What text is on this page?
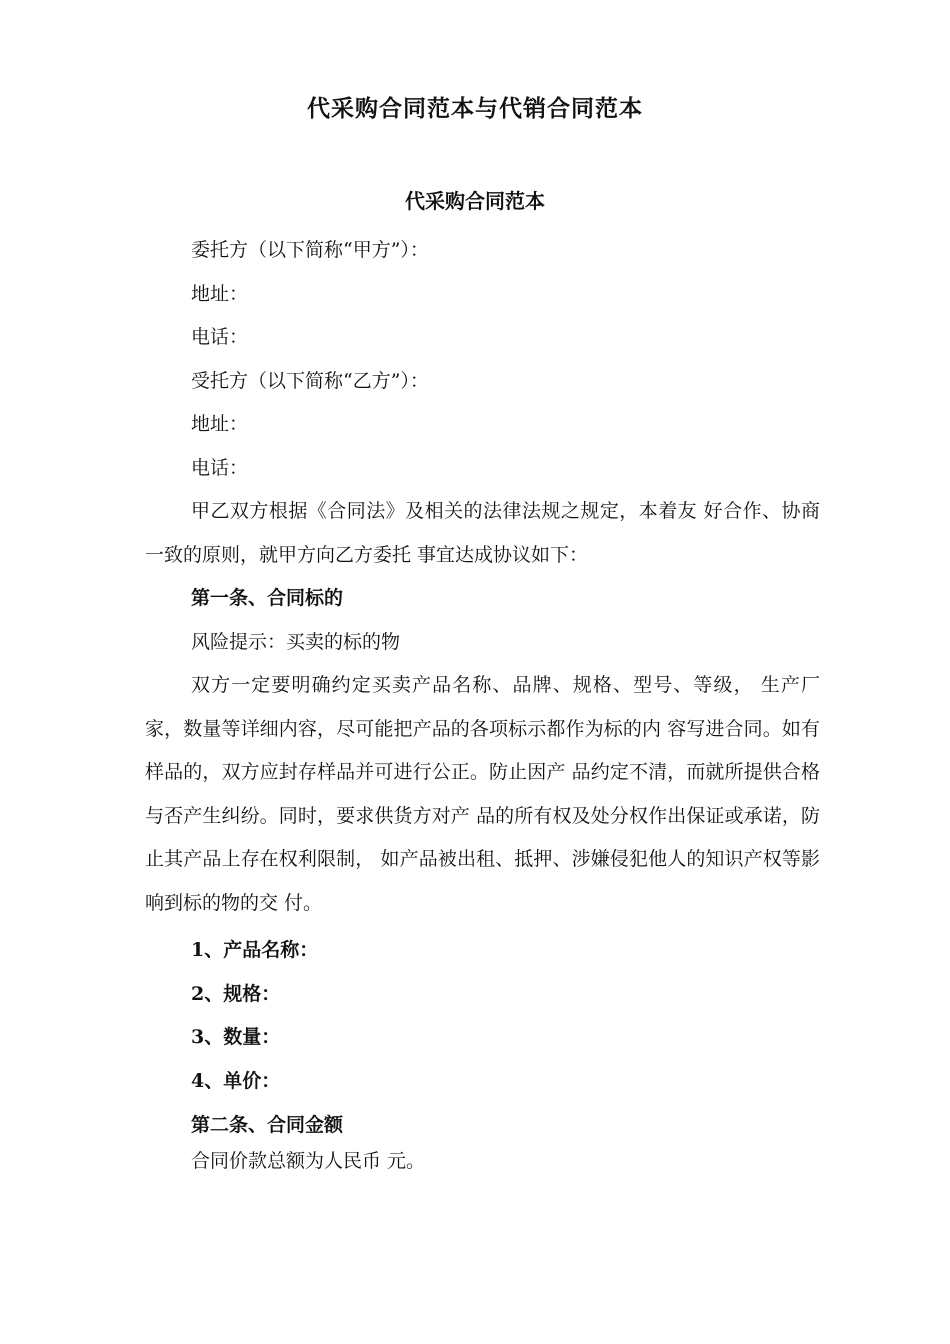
代采购合同范本与代销合同范本
代采购合同范本

委托方（以下简称“甲方”）：

地址：

电话：

受托方（以下简称“乙方”）：

地址：

电话：

甲乙双方根据《合同法》及相关的法律法规之规定，本着友 好合作、协商一致的原则，就甲方向乙方委托 事宜达成协议如下：

第一条、合同标的

风险提示：买卖的标的物

双方一定要明确约定买卖产品名称、品牌、规格、型号、等级， 生产厂家，数量等详细内容，尽可能把产品的各项标示都作为标的内 容写进合同。如有样品的，双方应封存样品并可进行公正。防止因产 品约定不清，而就所提供合格与否产生纠纷。同时，要求供货方对产 品的所有权及处分权作出保证或承诺，防止其产品上存在权利限制， 如产品被出租、抵押、涉嫌侵犯他人的知识产权等影响到标的物的交 付。

1、产品名称：

2、规格：

3、数量：

4、单价：

第二条、合同金额

合同价款总额为人民币 元。
